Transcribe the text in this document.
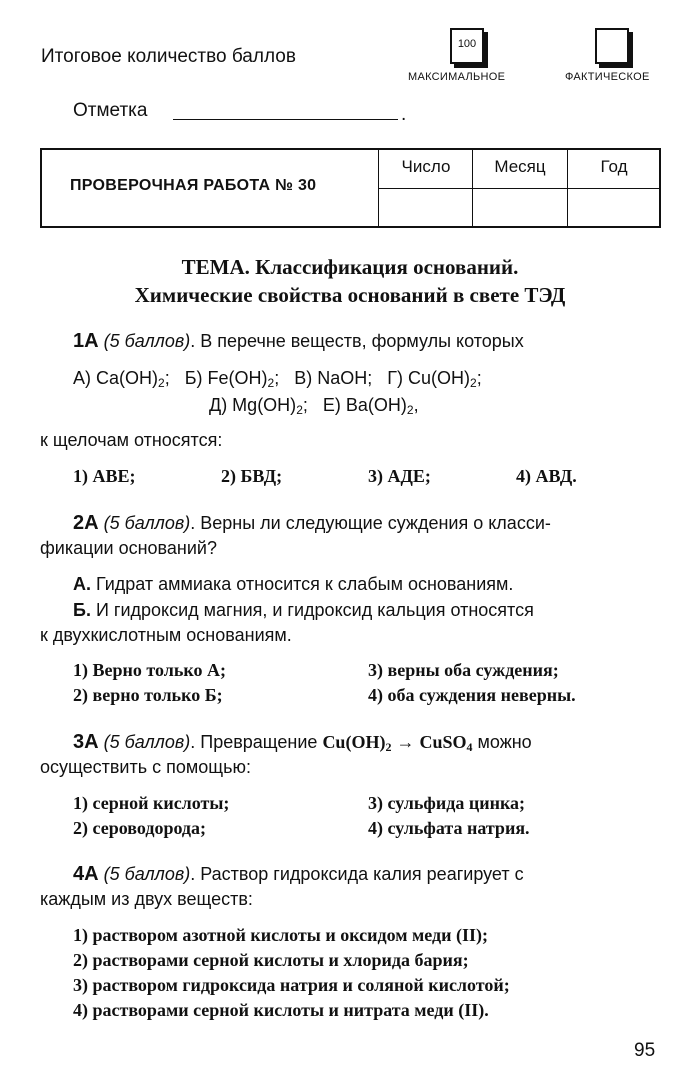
Итоговое количество баллов
100
МАКСИМАЛЬНОЕ	ФАКТИЧЕСКОЕ
Отметка	.
ПРОВЕРОЧНАЯ РАБОТА № 30
Число	Месяц	Год
ТЕМА. Классификация оснований.
Химические свойства оснований в свете ТЭД
1А (5 баллов). В перечне веществ, формулы которых
А) $Ca(OH)_2$; Б) $Fe(OH)_2$; В) NaOH; Г) $Cu(OH)_2$;
Д) $Mg(OH)_2$; Е) $Ba(OH)_2$,
к щелочам относятся:
1) АВЕ;	2) БВД;	3) АДЕ;	4) АВД.
2А (5 баллов). Верны ли следующие суждения о класси-
фикации оснований?
А. Гидрат аммиака относится к слабым основаниям.
Б. И гидроксид магния, и гидроксид кальция относятся
к двухкислотным основаниям.
1) Верно только А;	3) верны оба суждения;
2) верно только Б;	4) оба суждения неверны.
3А (5 баллов). Превращение $Cu(OH)_2$ → CuSO$_4$ можно
осуществить с помощью:
1) серной кислоты;	3) сульфида цинка;
2) сероводорода;	4) сульфата натрия.
4А (5 баллов). Раствор гидроксида калия реагирует с
каждым из двух веществ:
1) раствором азотной кислоты и оксидом меди (II);
2) растворами серной кислоты и хлорида бария;
3) раствором гидроксида натрия и соляной кислотой;
4) растворами серной кислоты и нитрата меди (II).
95
